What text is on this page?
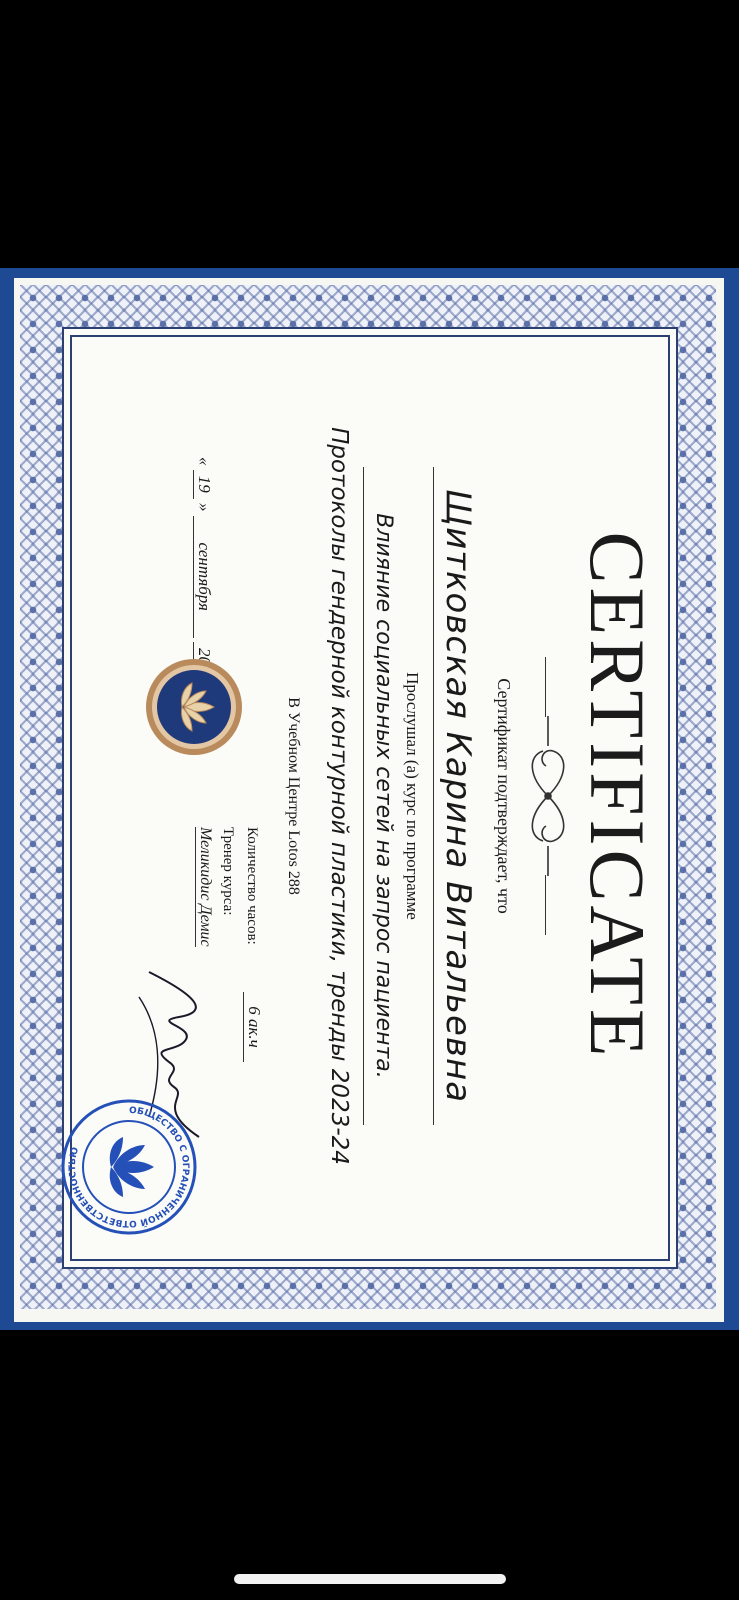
CERTIFICATE
Сертификат подтверждает, что
Щитковская Карина Витальевна
Прослушал (а) курс по программе
Влияние социальных сетей на запрос пациента.
Протоколы гендерной контурной пластики, тренды 2023-24
В Учебном Центре Lotos 288
Количество часов:
6 ак.ч
Тренер курса:
Меликидис Демис
« 19 » сентября
ОБЩЕСТВО С ОГРАНИЧЕННОЙ ОТВЕТСТВЕННОСТЬЮ
